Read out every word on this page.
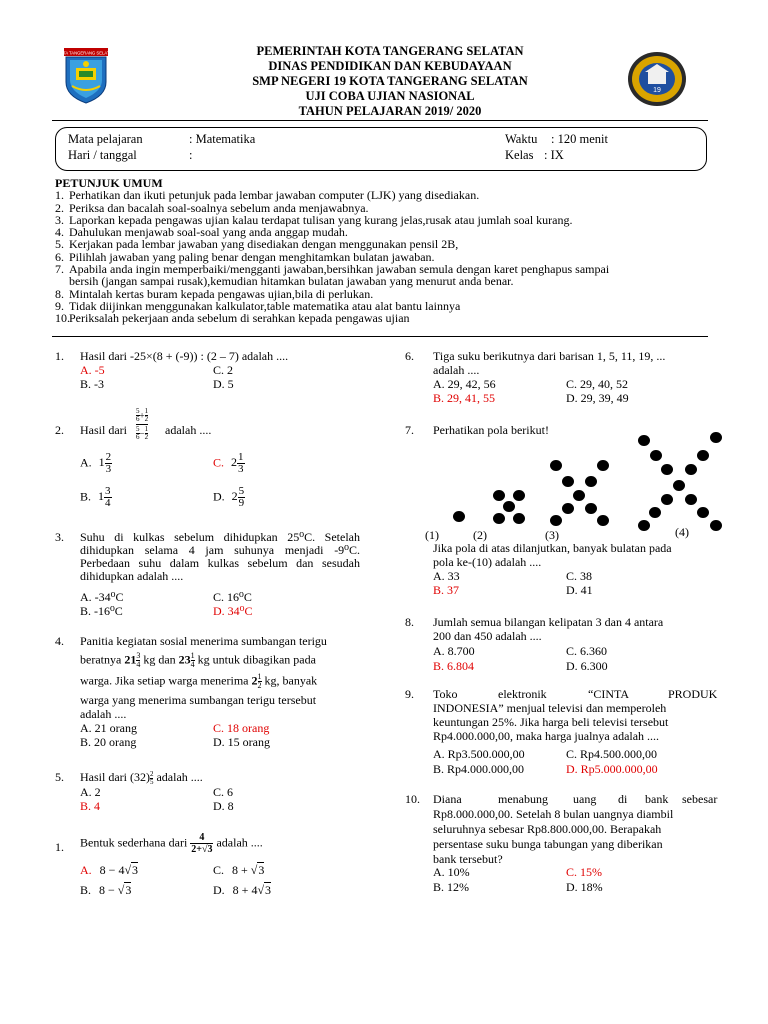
KOTA TANGERANG SELATAN	PEMERINTAH KOTA TANGERANG SELATAN
DINAS PENDIDIKAN DAN KEBUDAYAAN
SMP NEGERI 19 KOTA TANGERANG SELATAN
UJI COBA UJIAN NASIONAL
TAHUN PELAJARAN 2019/ 2020
19
Mata pelajaran	: Matematika
Hari / tanggal	:
Waktu : 120 menit
Kelas : IX
PETUNJUK UMUM
1. Perhatikan dan ikuti petunjuk pada lembar jawaban computer (LJK) yang disediakan.
2. Periksa dan bacalah soal-soalnya sebelum anda menjawabnya.
3. Laporkan kepada pengawas ujian kalau terdapat tulisan yang kurang jelas,rusak atau jumlah soal kurang.
4. Dahulukan menjawab soal-soal yang anda anggap mudah.
5. Kerjakan pada lembar jawaban yang disediakan dengan menggunakan pensil 2B,
6. Pilihlah jawaban yang paling benar dengan menghitamkan bulatan jawaban.
7. Apabila anda ingin memperbaiki/mengganti jawaban,bersihkan jawaban semula dengan karet penghapus sampai
bersih (jangan sampai rusak),kemudian hitamkan bulatan jawaban yang menurut anda benar.
8. Mintalah kertas buram kepada pengawas ujian,bila di perlukan.
9. Tidak diijinkan menggunakan kalkulator,table matematika atau alat bantu lainnya
10.Periksalah pekerjaan anda sebelum di serahkan kepada pengawas ujian
1. Hasil dari -25×(8 + (-9)) : (2 – 7) adalah ....
A. -5	C. 2
B. -3	D. 5
2. Hasil dari
$\frac{5}{6}+ \frac{1}{2}$
$\frac{5}{6}- \frac{1}{2}$ adalah ....
A. $1 \frac{2}{3}$	C. $2 \frac{1}{3}$
B. $1 \frac{3}{4}$	D. $2 \frac{5}{9}$
3. Suhu di kulkas sebelum dihidupkan 25⁰C. Setelah dihidupkan selama 4 jam suhunya menjadi -9⁰C. Perbedaan suhu dalam kulkas sebelum dan sesudah dihidupkan adalah ....
A. -34⁰C	C. 16⁰C
B. -16⁰C	D. 34⁰C
4. Panitia kegiatan sosial menerima sumbangan terigu
beratnya $21 \frac{3}{4}$ kg dan $23 \frac{1}{4}$ kg untuk dibagikan pada
warga. Jika setiap warga menerima $2 \frac{1}{2}$ kg, banyak
warga yang menerima sumbangan terigu tersebut
adalah ....
A. 21 orang	C. 18 orang
B. 20 orang	D. 15 orang
5. Hasil dari $(32) \frac{2}{5}$ adalah ....
A. 2	C. 6
B. 4	D. 8
1. Bentuk sederhana dari $\frac{4}{2+√3}$ adalah ....
A. 8 − 4√3	C. 8 + √3
B. 8 − √3	D. 8 + 4√3
6. Tiga suku berikutnya dari barisan 1, 5, 11, 19, ...
adalah ....
A. 29, 42, 56	C. 29, 40, 52
B. 29, 41, 55	D. 29, 39, 49
7. Perhatikan pola berikut!
(1)	(2)	(3)	(4)
Jika pola di atas dilanjutkan, banyak bulatan pada
pola ke-(10) adalah ....
A. 33	C. 38
B. 37	D. 41
8. Jumlah semua bilangan kelipatan 3 dan 4 antara
200 dan 450 adalah ....
A. 8.700	C. 6.360
B. 6.804	D. 6.300
9. Toko	elektronik	“CINTA	PRODUK
INDONESIA” menjual televisi dan memperoleh
keuntungan 25%. Jika harga beli televisi tersebut
Rp4.000.000,00, maka harga jualnya adalah ....
A. Rp3.500.000,00	C. Rp4.500.000,00
B. Rp4.000.000,00	D. Rp5.000.000,00
10. Diana	menabung uang di bank sebesar
Rp8.000.000,00. Setelah 8 bulan uangnya diambil
seluruhnya sebesar Rp8.800.000,00. Berapakah
persentase suku bunga tabungan yang diberikan
bank tersebut?
A. 10%	C. 15%
B. 12%	D. 18%
